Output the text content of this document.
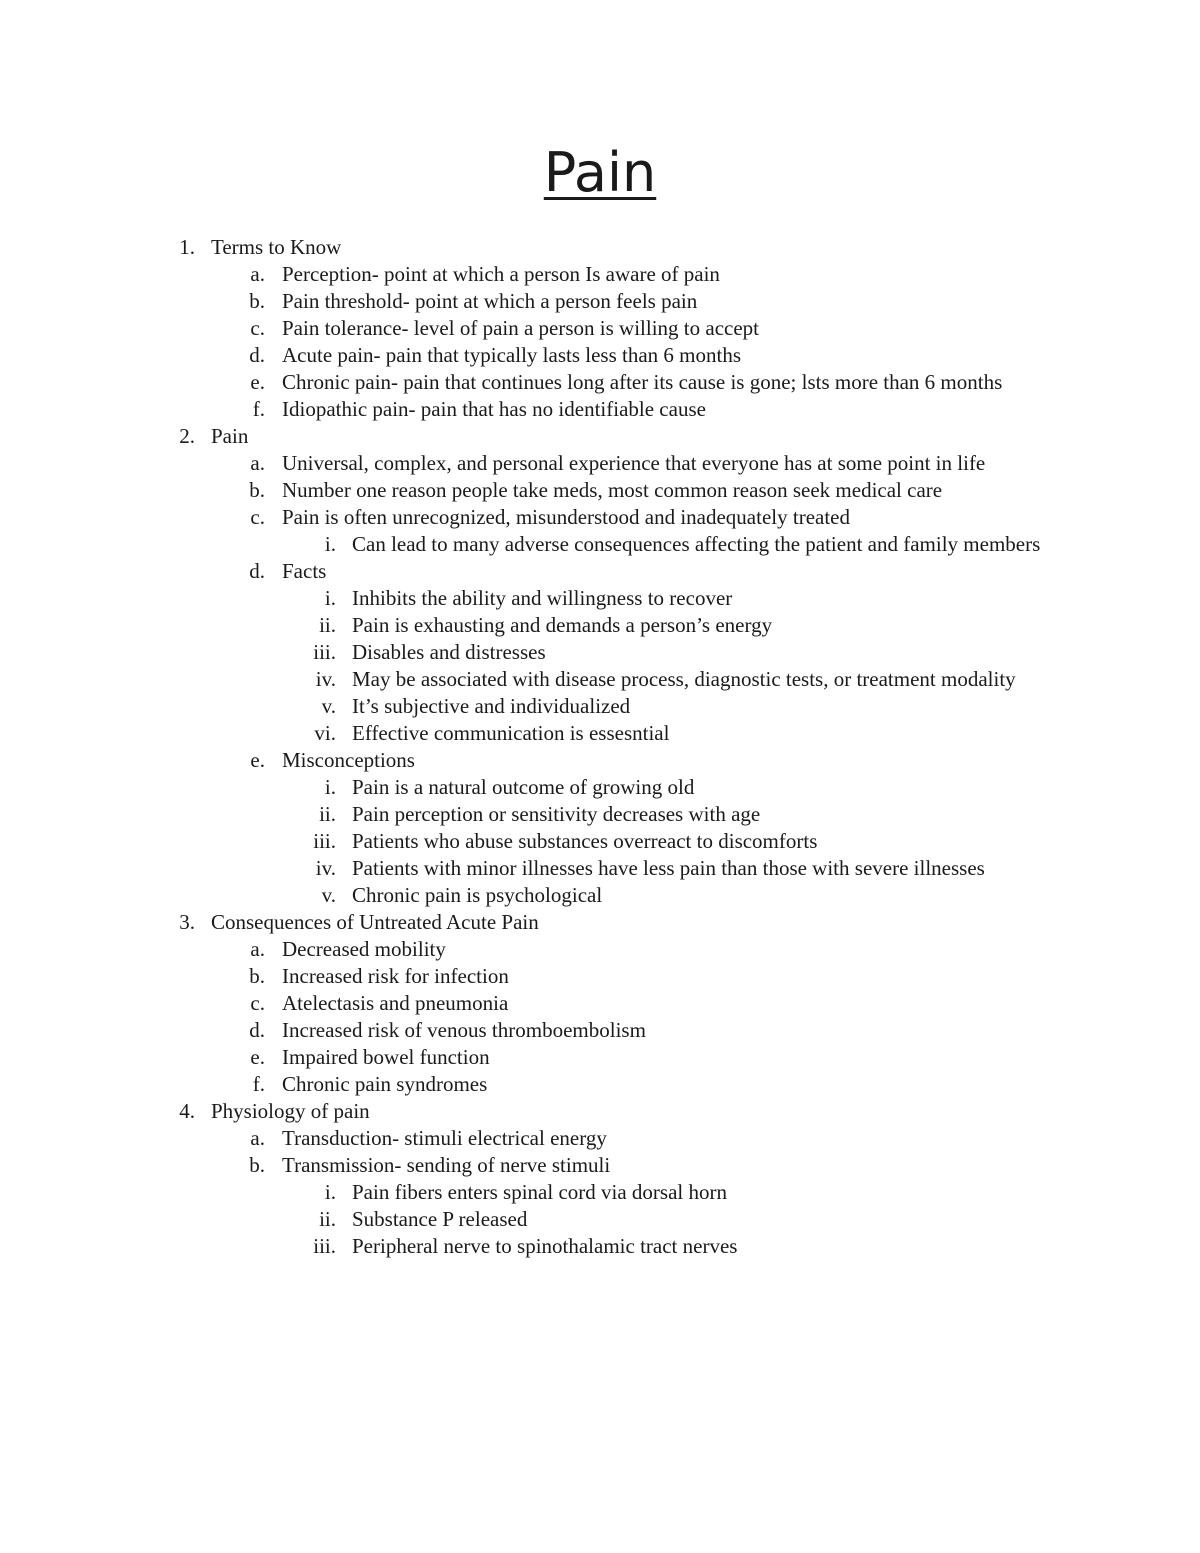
Pain
1. Terms to Know
a. Perception- point at which a person Is aware of pain
b. Pain threshold- point at which a person feels pain
c. Pain tolerance- level of pain a person is willing to accept
d. Acute pain- pain that typically lasts less than 6 months
e. Chronic pain- pain that continues long after its cause is gone; lsts more than 6 months
f. Idiopathic pain- pain that has no identifiable cause
2. Pain
a. Universal, complex, and personal experience that everyone has at some point in life
b. Number one reason people take meds, most common reason seek medical care
c. Pain is often unrecognized, misunderstood and inadequately treated
i. Can lead to many adverse consequences affecting the patient and family members
d. Facts
i. Inhibits the ability and willingness to recover
ii. Pain is exhausting and demands a person’s energy
iii. Disables and distresses
iv. May be associated with disease process, diagnostic tests, or treatment modality
v. It’s subjective and individualized
vi. Effective communication is essesntial
e. Misconceptions
i. Pain is a natural outcome of growing old
ii. Pain perception or sensitivity decreases with age
iii. Patients who abuse substances overreact to discomforts
iv. Patients with minor illnesses have less pain than those with severe illnesses
v. Chronic pain is psychological
3. Consequences of Untreated Acute Pain
a. Decreased mobility
b. Increased risk for infection
c. Atelectasis and pneumonia
d. Increased risk of venous thromboembolism
e. Impaired bowel function
f. Chronic pain syndromes
4. Physiology of pain
a. Transduction- stimuli electrical energy
b. Transmission- sending of nerve stimuli
i. Pain fibers enters spinal cord via dorsal horn
ii. Substance P released
iii. Peripheral nerve to spinothalamic tract nerves
